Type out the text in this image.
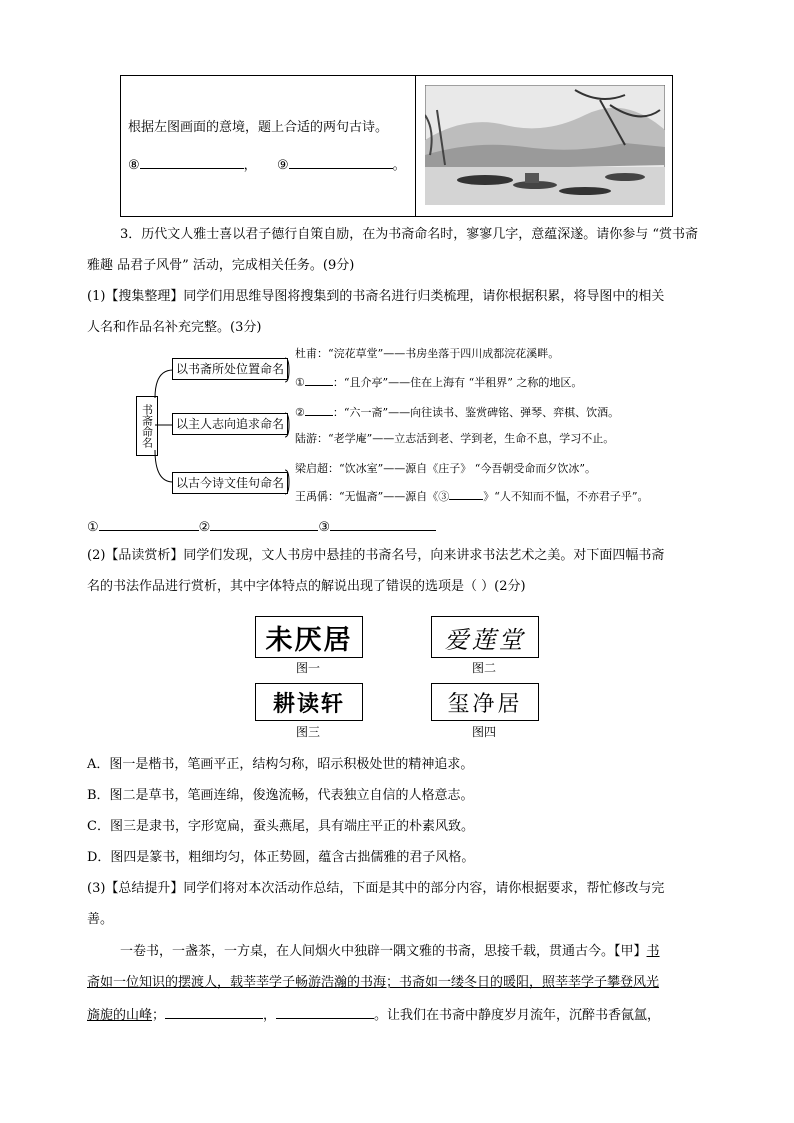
根据左图画面的意境，题上合适的两句古诗。
⑧	， ⑨	。
3．历代文人雅士喜以君子德行自策自励，在为书斋命名时，寥寥几字，意蕴深遂。请你参与 “赏书斋
雅趣 品君子风骨” 活动，完成相关任务。(9分)
(1)【搜集整理】同学们用思维导图将搜集到的书斋名进行归类梳理，请你根据积累，将导图中的相关
人名和作品名补充完整。(3分)
书斋命名
以书斋所处位置命名
以主人志向追求命名
以古今诗文佳句命名
杜甫：“浣花草堂”——书房坐落于四川成都浣花溪畔。
①	：“且介亭”——住在上海有 “半租界” 之称的地区。
②	：“六一斋”——向往读书、鉴赏碑铭、弹琴、弈棋、饮酒。
陆游：“老学庵”——立志活到老、学到老，生命不息，学习不止。
梁启超：“饮冰室”——源自《庄子》 “今吾朝受命而夕饮冰”。
王禹偁：“无愠斋”——源自《③	》“人不知而不愠，不亦君子乎”。
①	②	③
(2)【品读赏析】同学们发现，文人书房中悬挂的书斋名号，向来讲求书法艺术之美。对下面四幅书斋
名的书法作品进行赏析，其中字体特点的解说出现了错误的选项是（ ）(2分)
未厌居
图一
爱莲堂
图二
耕读轩
图三
玺净居
图四
A．图一是楷书，笔画平正，结构匀称，昭示积极处世的精神追求。
B．图二是草书，笔画连绵，俊逸流畅，代表独立自信的人格意志。
C．图三是隶书，字形宽扁，蚕头燕尾，具有端庄平正的朴素风致。
D．图四是篆书，粗细均匀，体正势圆，蕴含古拙儒雅的君子风格。
(3)【总结提升】同学们将对本次活动作总结，下面是其中的部分内容，请你根据要求，帮忙修改与完
善。
一卷书，一盏茶，一方桌，在人间烟火中独辟一隅文雅的书斋，思接千载，贯通古今。【甲】书
斋如一位知识的摆渡人，载莘莘学子畅游浩瀚的书海；书斋如一缕冬日的暖阳，照莘莘学子攀登风光
旖旎的山峰；	，	。让我们在书斋中静度岁月流年，沉醉书香氤氲，
